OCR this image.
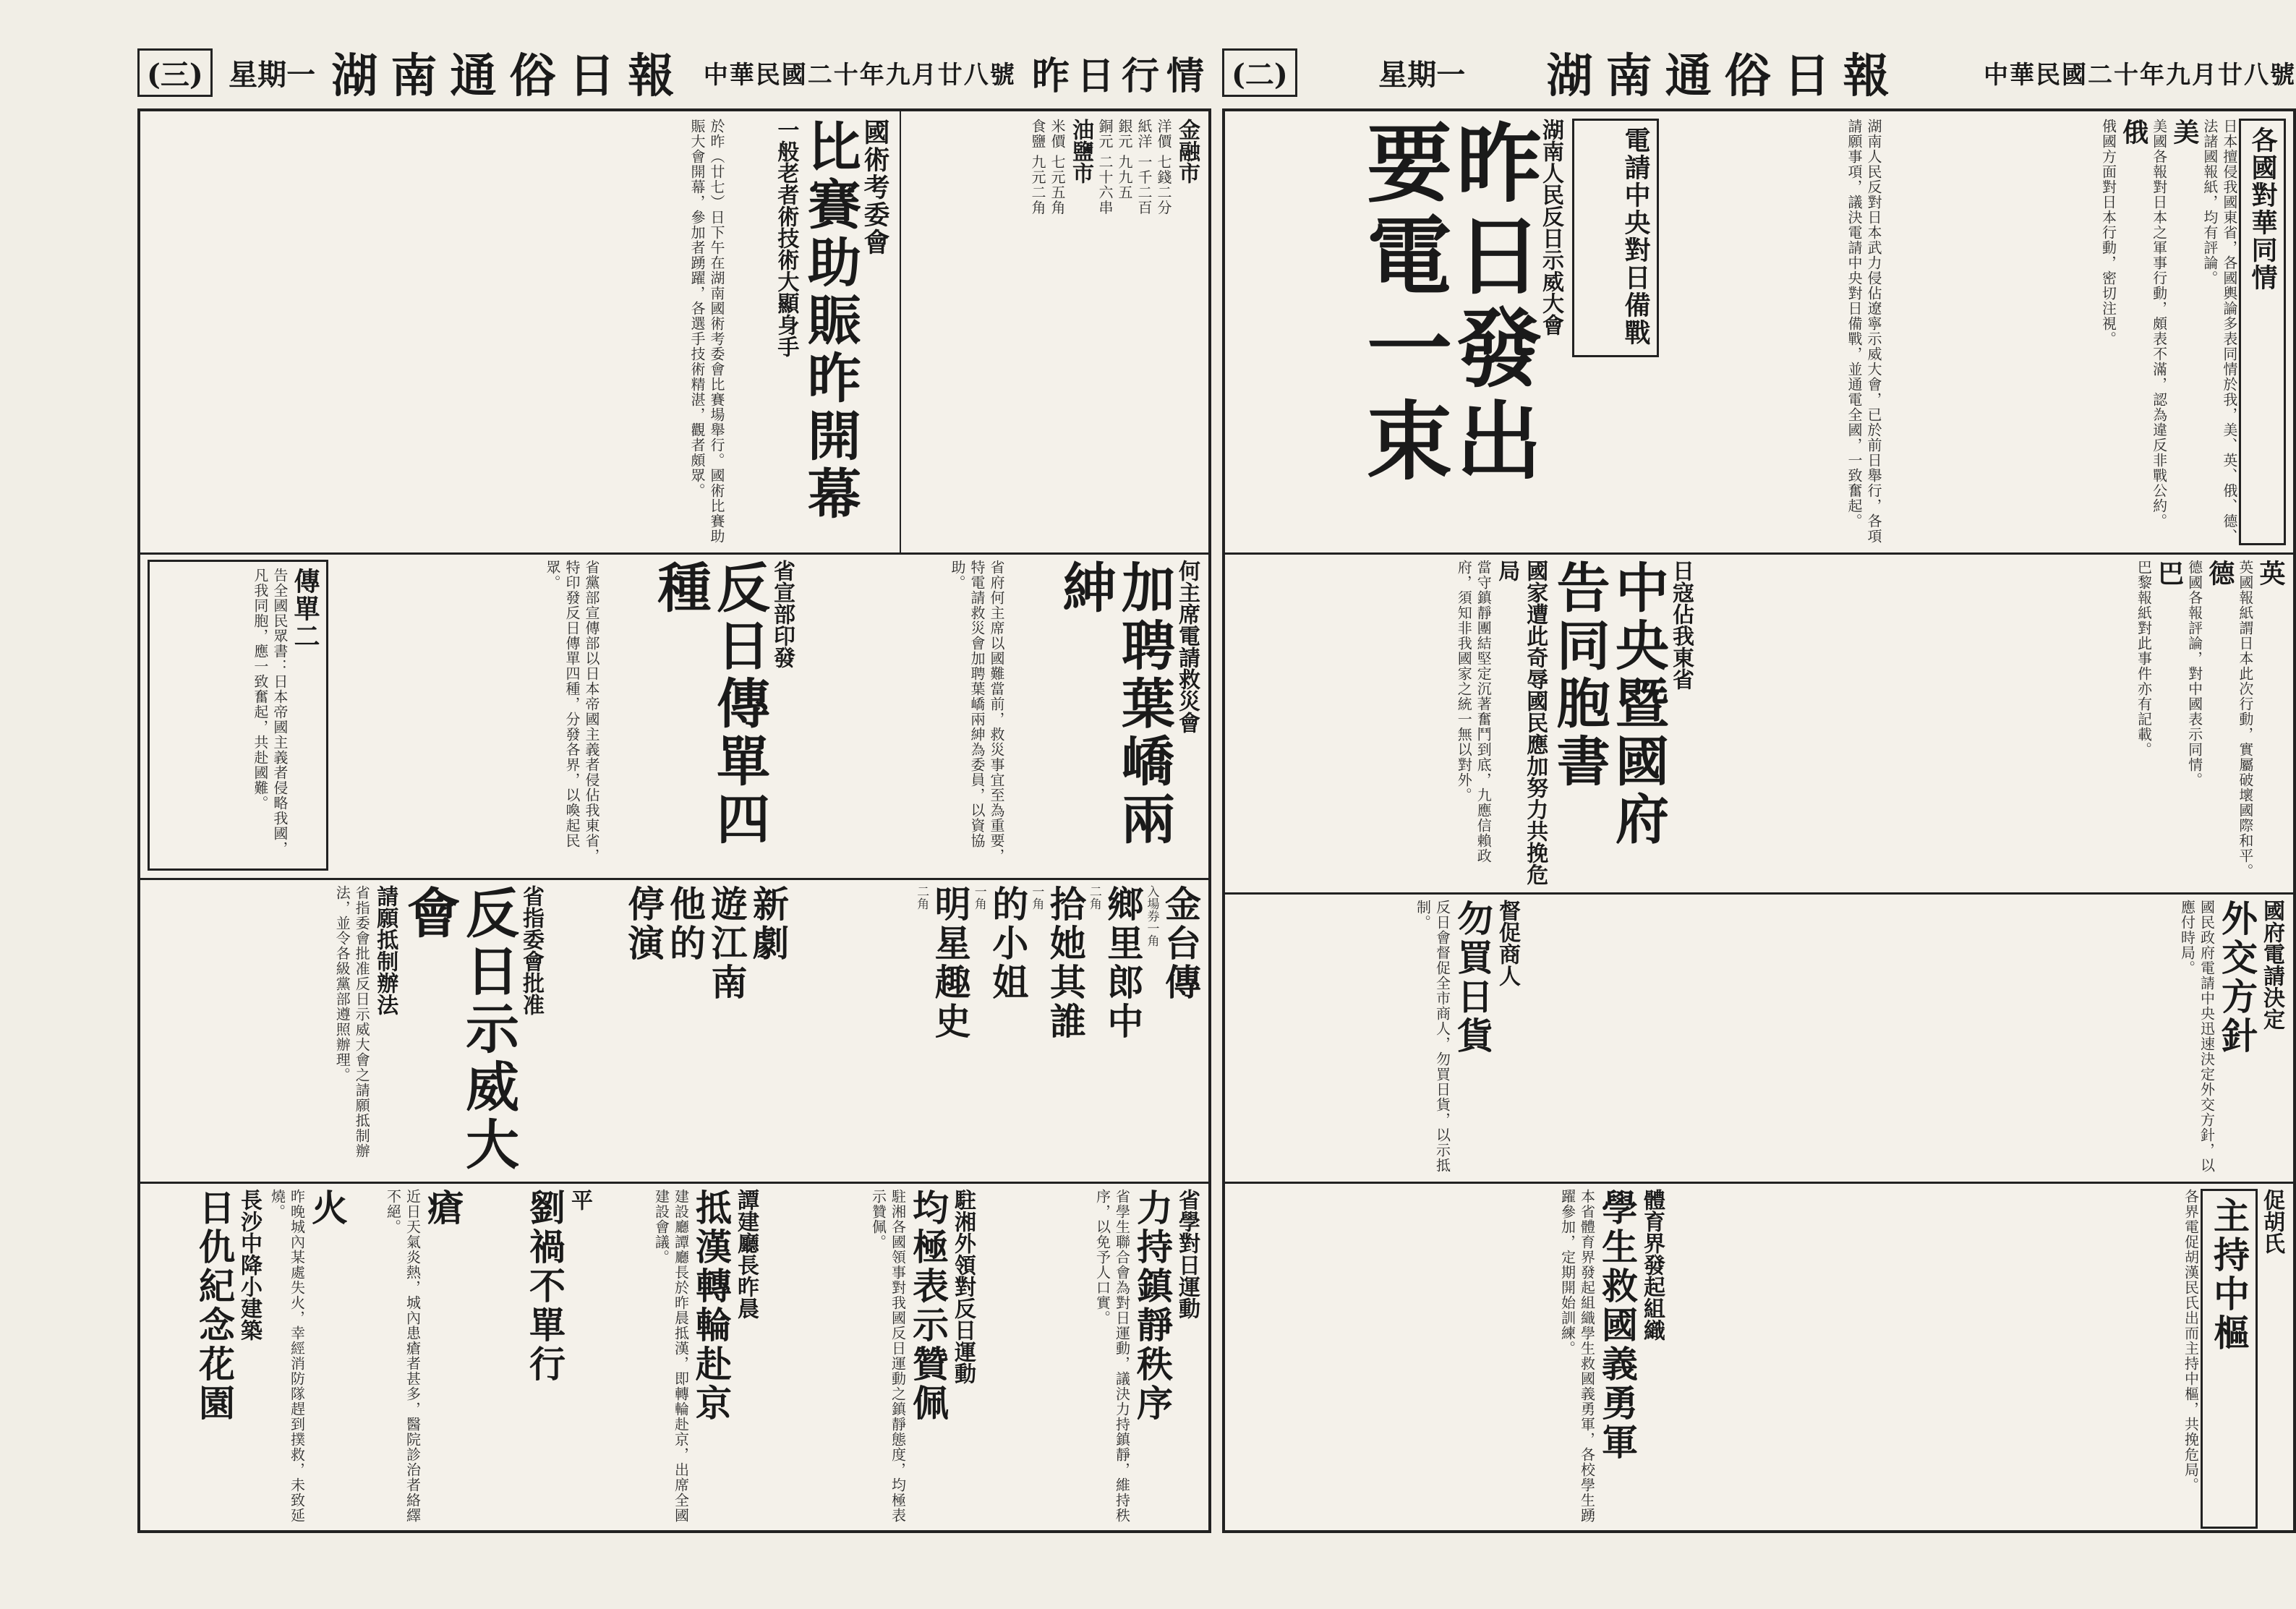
(三) 星期一 湖南通俗日報 中華民國二十年九月廿八號 昨日行情 (二)	星期一 湖南通俗日報	中華民國二十年九月廿八號
金融市
洋價 七錢二分
紙洋 一千二百
銀元 九九五
銅元 二十六串
油鹽市
米價 七元五角
食鹽 九元二角
國術考委會
比賽助賑昨開幕
一般老者術技術大顯身手
於昨（廿七）日下午在湖南國術考委會比賽場舉行。國術比賽助賑大會開幕，參加者踴躍，各選手技術精湛，觀者頗眾。
何主席電請救災會
加聘葉嶠兩紳
省府何主席以國難當前，救災事宜至為重要，特電請救災會加聘葉嶠兩紳為委員，以資協助。
省宣部印發
反日傳單四種
省黨部宣傳部以日本帝國主義者侵佔我東省，特印發反日傳單四種，分發各界，以喚起民眾。
傳單二
告全國民眾書：日本帝國主義者侵略我國，凡我同胞，應一致奮起，共赴國難。
金台傳
入場券一角
鄉里郎中
二角
拾她其誰
一角
的小姐
一角
明星趣史
二角
新劇
遊江南
他的
停演
省指委會批准
反日示威大會
請願抵制辦法
省指委會批准反日示威大會之請願抵制辦法，並令各級黨部遵照辦理。
省學對日運動
力持鎮靜秩序
省學生聯合會為對日運動，議決力持鎮靜，維持秩序，以免予人口實。
駐湘外領對反日運動
均極表示贊佩
駐湘各國領事對我國反日運動之鎮靜態度，均極表示贊佩。
譚建廳長昨晨
抵漢轉輪赴京
建設廳譚廳長於昨晨抵漢，即轉輪赴京，出席全國建設會議。
平
劉禍不單行
瘡
近日天氣炎熱，城內患瘡者甚多，醫院診治者絡繹不絕。
火
昨晚城內某處失火，幸經消防隊趕到撲救，未致延燒。
長沙中降小建築
日仇紀念花園
湖南人民反日示威大會
昨日發出要電一束	電請中央對日備戰	湖南人民反對日本武力侵佔遼寧示威大會，已於前日舉行，各項請願事項，議決電請中央對日備戰，並通電全國，一致奮起。	各國對華同情
日本擅侵我國東省，各國輿論多表同情於我，美、英、俄、德、法諸國報紙，均有評論。
美
美國各報對日本之軍事行動，頗表不滿，認為違反非戰公約。
俄
俄國方面對日本行動，密切注視。
日寇佔我東省
中央暨國府告同胞書
國家遭此奇辱國民應加努力共挽危局
當守鎮靜團結堅定沉著奮鬥到底，九應信賴政府，須知非我國家之統一無以對外。	英
英國報紙謂日本此次行動，實屬破壞國際和平。
德
德國各報評論，對中國表示同情。
巴
巴黎報紙對此事件亦有記載。
國府電請決定
外交方針
國民政府電請中央迅速決定外交方針，以應付時局。
督促商人
勿買日貨
反日會督促全市商人，勿買日貨，以示抵制。
體育界發起組織
學生救國義勇軍
本省體育界發起組織學生救國義勇軍，各校學生踴躍參加，定期開始訓練。	促胡氏
主持中樞
各界電促胡漢民氏出而主持中樞，共挽危局。
